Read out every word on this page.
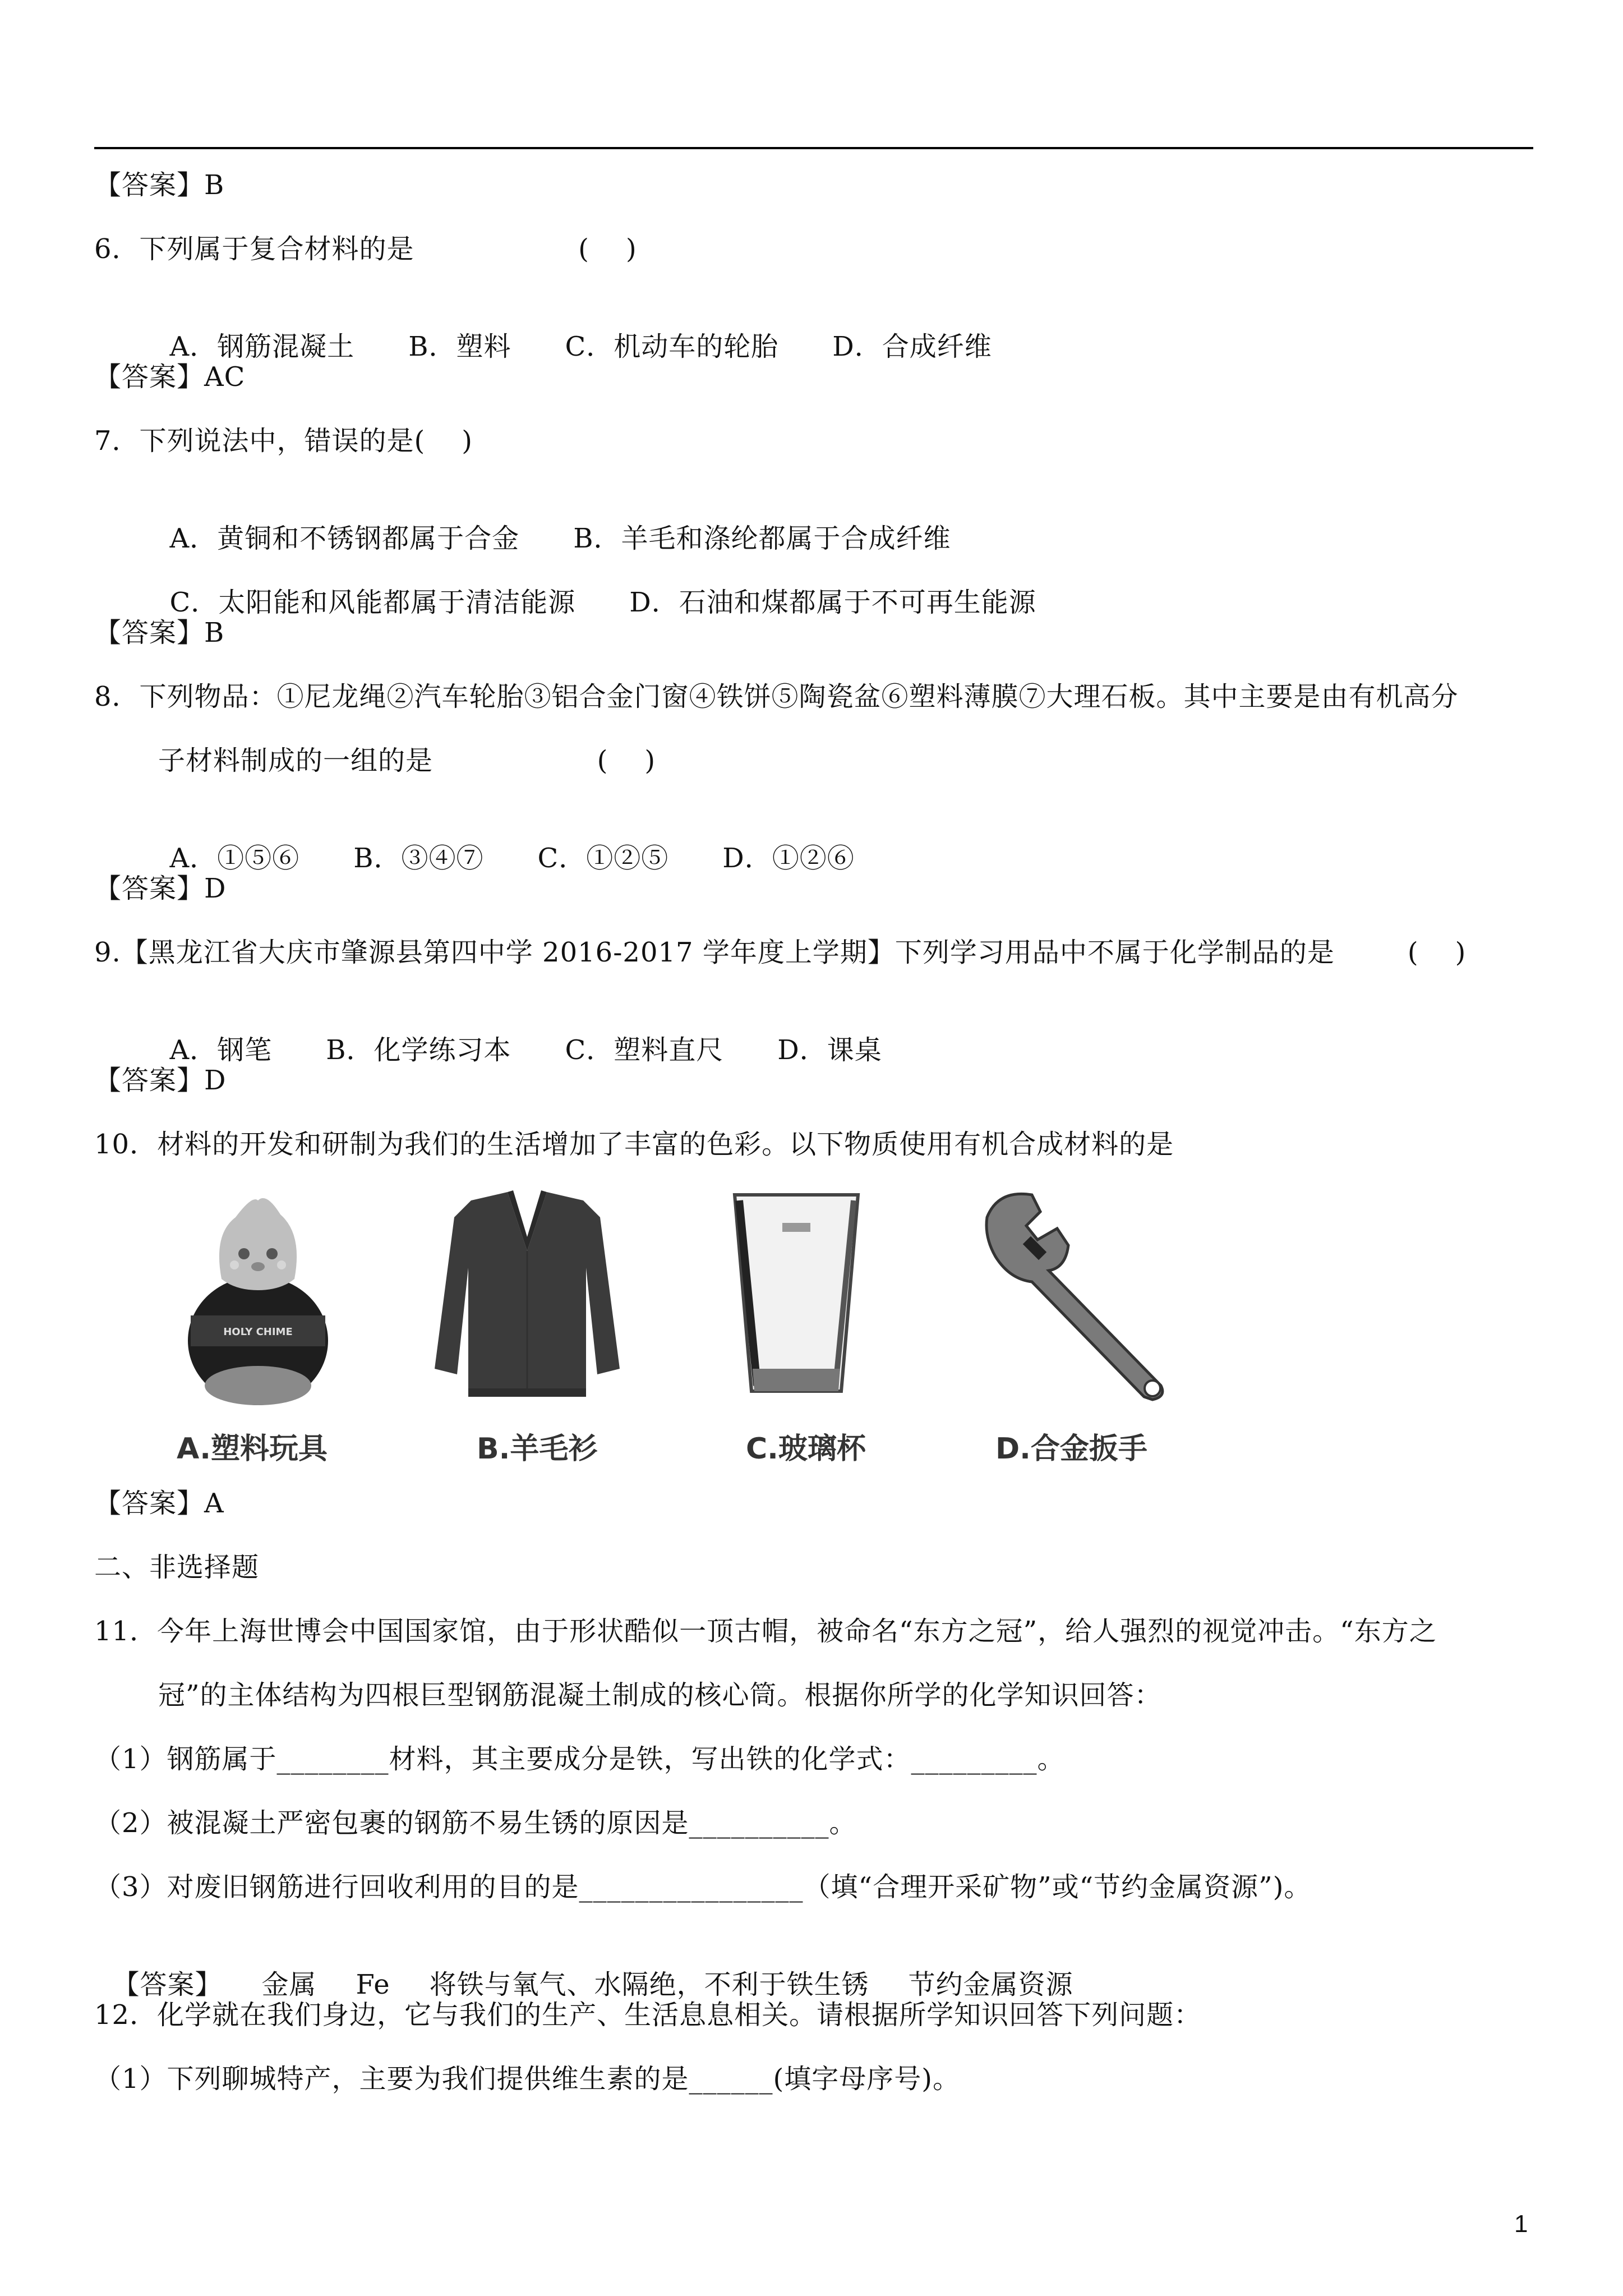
【答案】B
6．下列属于复合材料的是                  (    )

A．钢筋混凝土 B．塑料 C．机动车的轮胎 D．合成纤维

【答案】AC
7．下列说法中，错误的是(    )

A．黄铜和不锈钢都属于合金 B．羊毛和涤纶都属于合成纤维

C．太阳能和风能都属于清洁能源 D．石油和煤都属于不可再生能源

【答案】B
8．下列物品：①尼龙绳②汽车轮胎③铝合金门窗④铁饼⑤陶瓷盆⑥塑料薄膜⑦大理石板。其中主要是由有机高分
子材料制成的一组的是                  (    )

A．①⑤⑥ B．③④⑦ C．①②⑤ D．①②⑥

【答案】D
9.【黑龙江省大庆市肇源县第四中学 2016-2017 学年度上学期】下列学习用品中不属于化学制品的是        (    )

A．钢笔 B．化学练习本 C．塑料直尺 D．课桌

【答案】D
10．材料的开发和研制为我们的生活增加了丰富的色彩。以下物质使用有机合成材料的是
HOLY CHIME
A.塑料玩具	B.羊毛衫	C.玻璃杯	D.合金扳手
【答案】A
二、非选择题
11．今年上海世博会中国国家馆，由于形状酷似一顶古帽，被命名“东方之冠”，给人强烈的视觉冲击。“东方之
冠”的主体结构为四根巨型钢筋混凝土制成的核心筒。根据你所学的化学知识回答：
（1）钢筋属于________材料，其主要成分是铁，写出铁的化学式：_________。
（2）被混凝土严密包裹的钢筋不易生锈的原因是__________。
（3）对废旧钢筋进行回收利用的目的是________________（填“合理开采矿物”或“节约金属资源”)。

【答案】 金属 Fe 将铁与氧气、水隔绝，不利于铁生锈 节约金属资源

12．化学就在我们身边，它与我们的生产、生活息息相关。请根据所学知识回答下列问题：
（1）下列聊城特产，主要为我们提供维生素的是______(填字母序号)。
1
